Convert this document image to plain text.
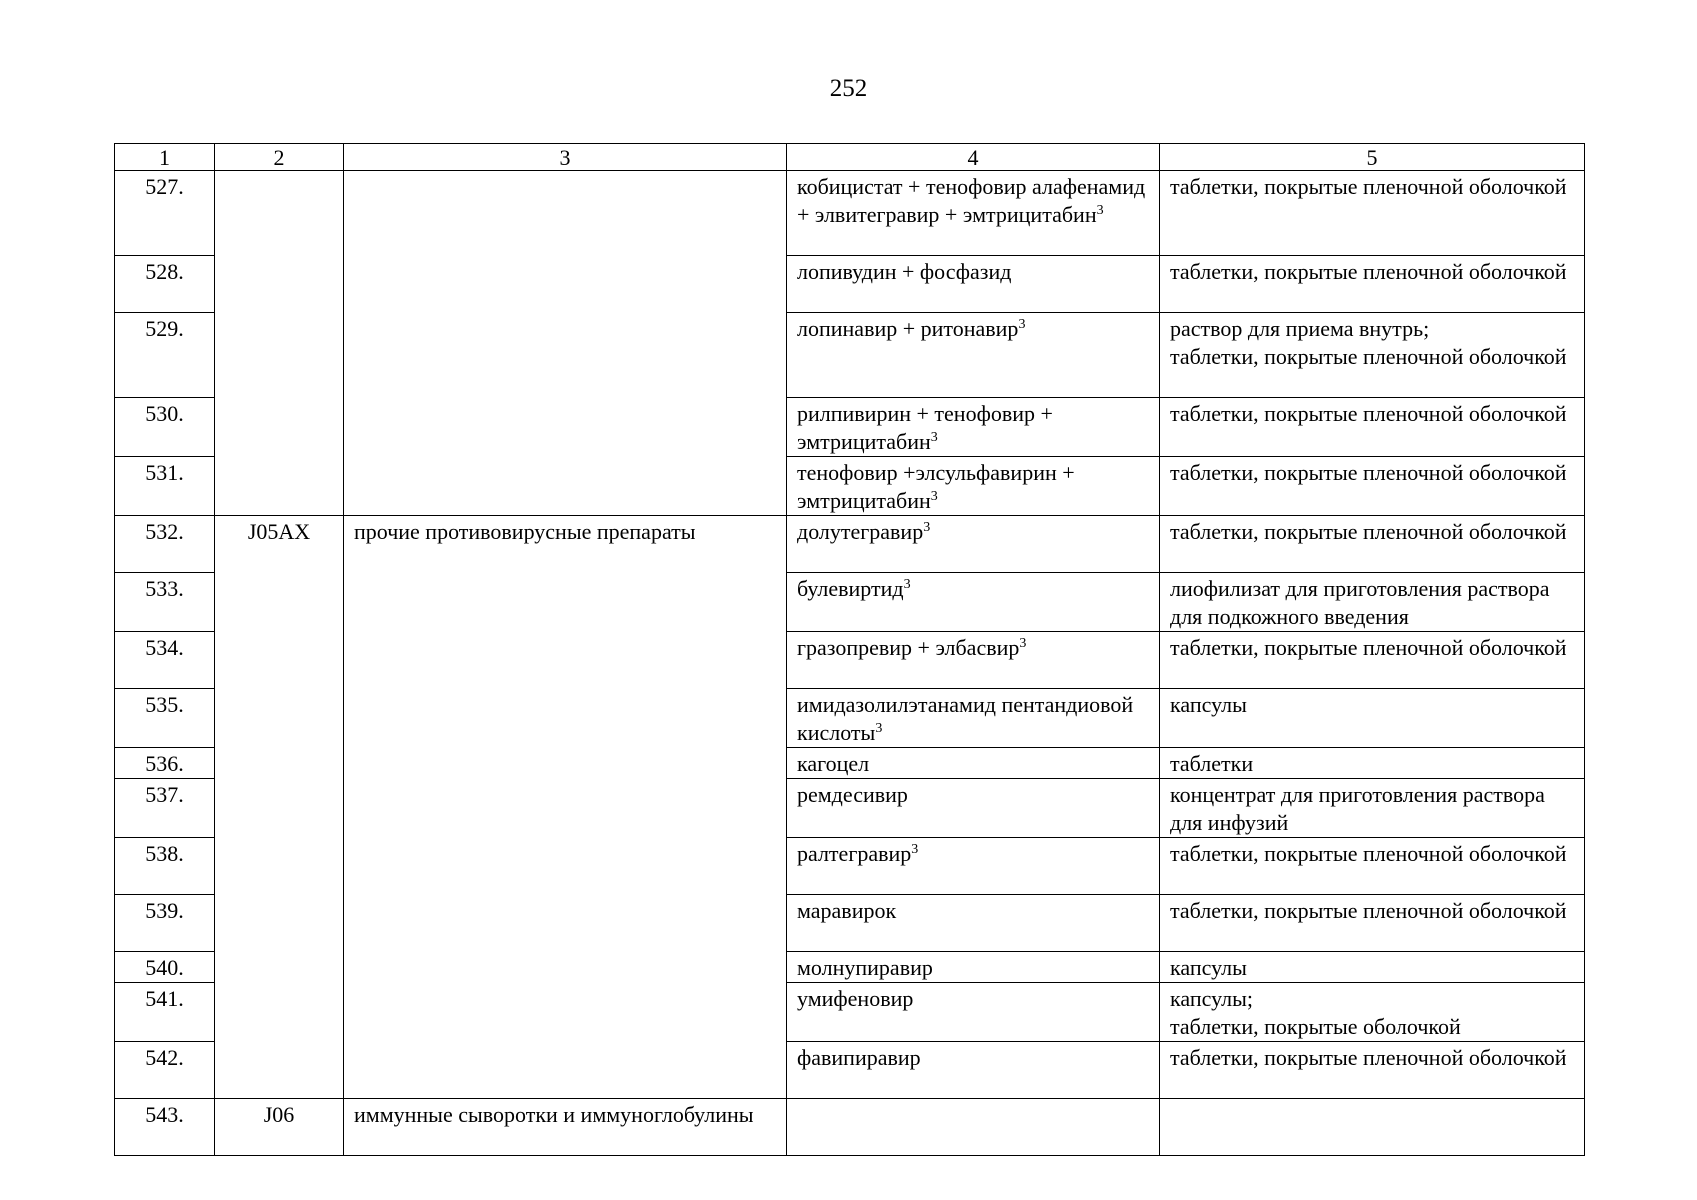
252
1	2	3	4	5
527.			кобицистат + тенофовир алафенамид + элвитегравир + эмтрицитабин$^3$	таблетки, покрытые пленочной оболочкой
528.			лопивудин + фосфазид	таблетки, покрытые пленочной оболочкой
529.			лопинавир + ритонавир$^3$	раствор для приема внутрь;
таблетки, покрытые пленочной оболочкой
530.			рилпивирин + тенофовир + эмтрицитабин$^3$	таблетки, покрытые пленочной оболочкой
531.			тенофовир +элсульфавирин + эмтрицитабин$^3$	таблетки, покрытые пленочной оболочкой
532.	J05AX	прочие противовирусные препараты	долутегравир$^3$	таблетки, покрытые пленочной оболочкой
533.			булевиртид$^3$	лиофилизат для приготовления раствора для подкожного введения
534.			гразопревир + элбасвир$^3$	таблетки, покрытые пленочной оболочкой
535.			имидазолилэтанамид пентандиовой кислоты$^3$	капсулы
536.			кагоцел	таблетки
537.			ремдесивир	концентрат для приготовления раствора для инфузий
538.			ралтегравир$^3$	таблетки, покрытые пленочной оболочкой
539.			маравирок	таблетки, покрытые пленочной оболочкой
540.			молнупиравир	капсулы
541.			умифеновир	капсулы;
таблетки, покрытые оболочкой
542.			фавипиравир	таблетки, покрытые пленочной оболочкой
543.	J06	иммунные сыворотки и иммуноглобулины		
